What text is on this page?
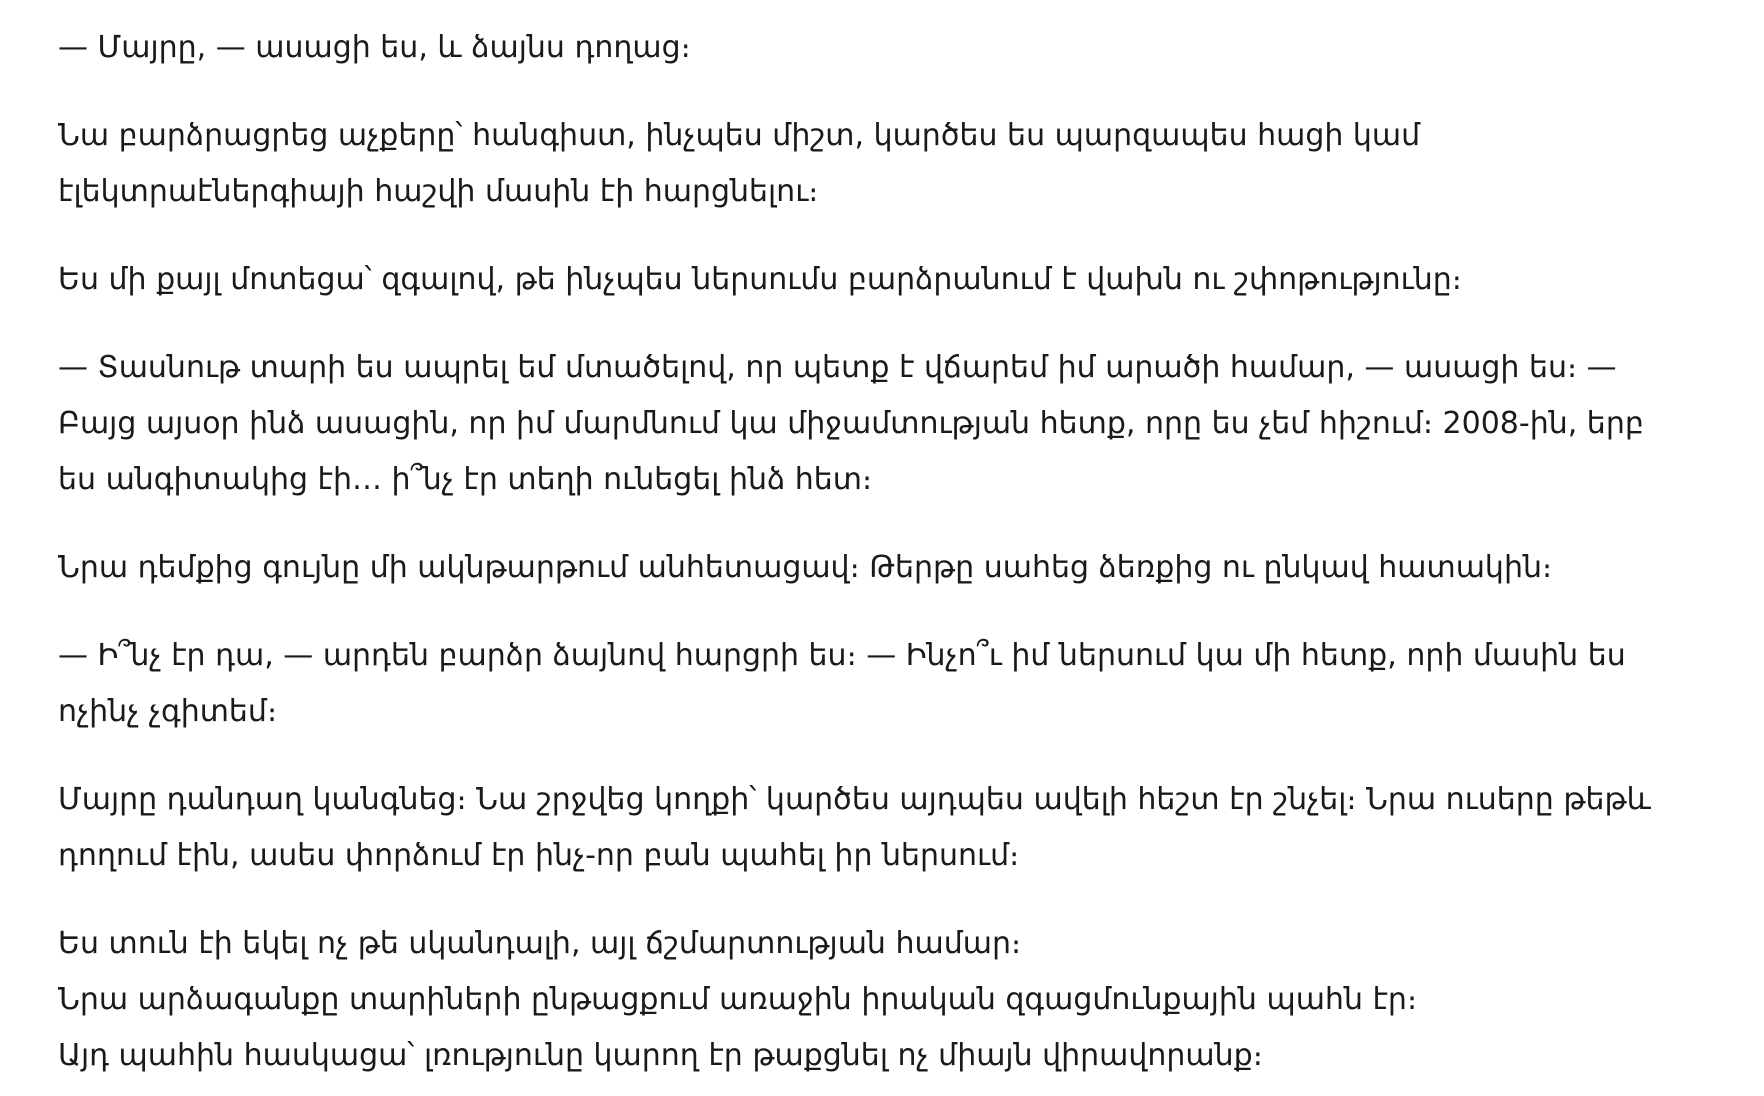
— Մայրը, — ասացի ես, և ձայնս դողաց։

Նա բարձրացրեց աչքերը՝ հանգիստ, ինչպես միշտ, կարծես ես պարզապես հացի կամ
էլեկտրաէներգիայի հաշվի մասին էի հարցնելու։

Ես մի քայլ մոտեցա՝ զգալով, թե ինչպես ներսումս բարձրանում է վախն ու շփոթությունը։

— Տասնութ տարի ես ապրել եմ մտածելով, որ պետք է վճարեմ իմ արածի համար, — ասացի ես։ —
Բայց այսօր ինձ ասացին, որ իմ մարմնում կա միջամտության հետք, որը ես չեմ հիշում։ 2008-ին, երբ
ես անգիտակից էի… ի՞նչ էր տեղի ունեցել ինձ հետ։

Նրա դեմքից գույնը մի ակնթարթում անհետացավ։ Թերթը սահեց ձեռքից ու ընկավ հատակին։

— Ի՞նչ էր դա, — արդեն բարձր ձայնով հարցրի ես։ — Ինչո՞ւ իմ ներսում կա մի հետք, որի մասին ես
ոչինչ չգիտեմ։

Մայրը դանդաղ կանգնեց։ Նա շրջվեց կողքի՝ կարծես այդպես ավելի հեշտ էր շնչել։ Նրա ուսերը թեթև
դողում էին, ասես փորձում էր ինչ-որ բան պահել իր ներսում։

Ես տուն էի եկել ոչ թե սկանդալի, այլ ճշմարտության համար։
Նրա արձագանքը տարիների ընթացքում առաջին իրական զգացմունքային պահն էր։
Այդ պահին հասկացա՝ լռությունը կարող էր թաքցնել ոչ միայն վիրավորանք։
